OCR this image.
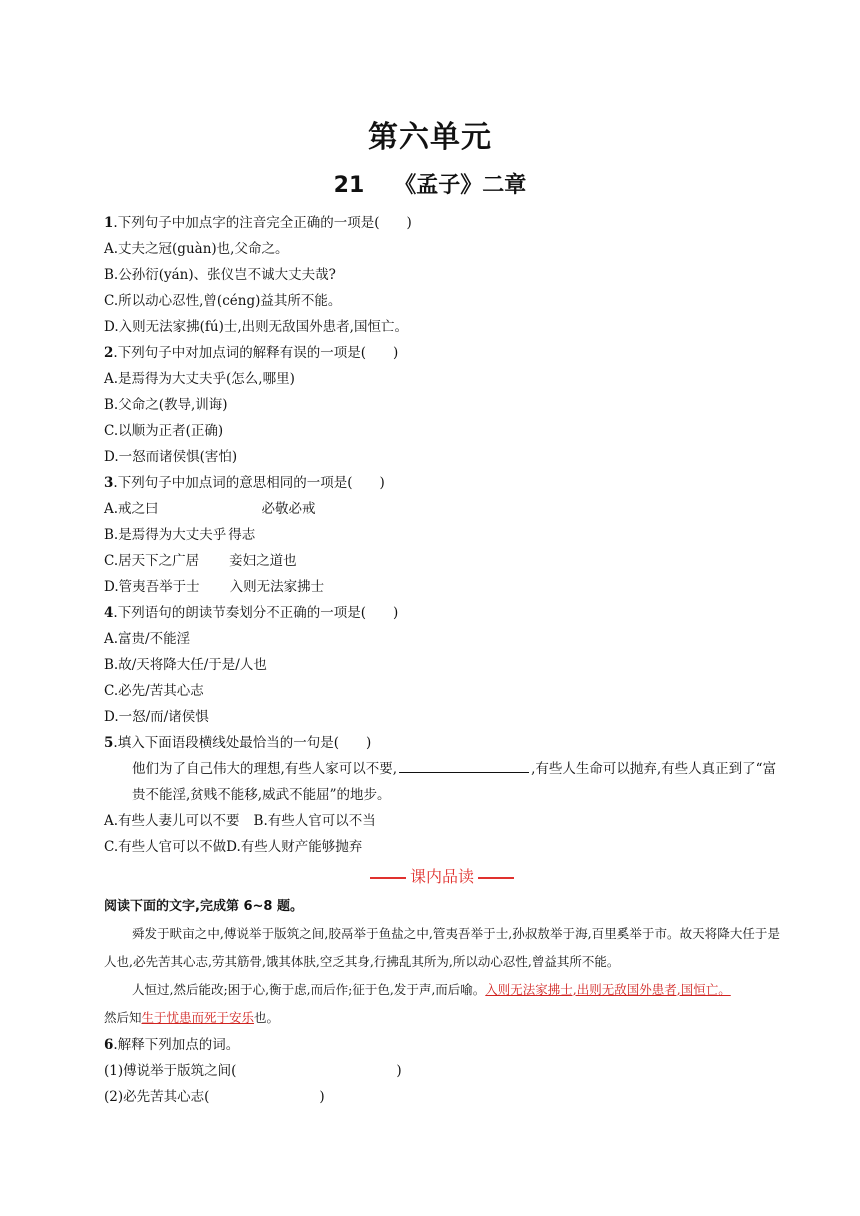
第六单元
21 《孟子》二章
1.下列句子中加点字的注音完全正确的一项是(　　)
A.丈夫之冠(guàn)也,父命之。
B.公孙衍(yán)、张仪岂不诚大丈夫哉?
C.所以动心忍性,曾(céng)益其所不能。
D.入则无法家拂(fú)士,出则无敌国外患者,国恒亡。
2.下列句子中对加点词的解释有误的一项是(　　)
A.是焉得为大丈夫乎(怎么,哪里)
B.父命之(教导,训诲)
C.以顺为正者(正确)
D.一怒而诸侯惧(害怕)
3.下列句子中加点词的意思相同的一项是(　　)
A.戒之曰	必敬必戒
B.是焉得为大丈夫乎 得志
C.居天下之广居 妾妇之道也
D.管夷吾举于士 入则无法家拂士
4.下列语句的朗读节奏划分不正确的一项是(　　)
A.富贵/不能淫
B.故/天将降大任/于是/人也
C.必先/苦其心志
D.一怒/而/诸侯惧
5.填入下面语段横线处最恰当的一句是(　　)
他们为了自己伟大的理想,有些人家可以不要,	,有些人生命可以抛弃,有些人真正到了“富贵不能淫,贫贱不能移,威武不能屈”的地步。
A.有些人妻儿可以不要 B.有些人官可以不当
C.有些人官可以不做D.有些人财产能够抛弃
课内品读
阅读下面的文字,完成第 6~8 题。

舜发于畎亩之中,傅说举于版筑之间,胶鬲举于鱼盐之中,管夷吾举于士,孙叔敖举于海,百里奚举于市。故天将降大任于是人也,必先苦其心志,劳其筋骨,饿其体肤,空乏其身,行拂乱其所为,所以动心忍性,曾益其所不能。

人恒过,然后能改;困于心,衡于虑,而后作;征于色,发于声,而后喻。入则无法家拂士,出则无敌国外患者,国恒亡。

然后知生于忧患而死于安乐也。
6.解释下列加点的词。
(1)傅说举于版筑之间(	)
(2)必先苦其心志(	)
